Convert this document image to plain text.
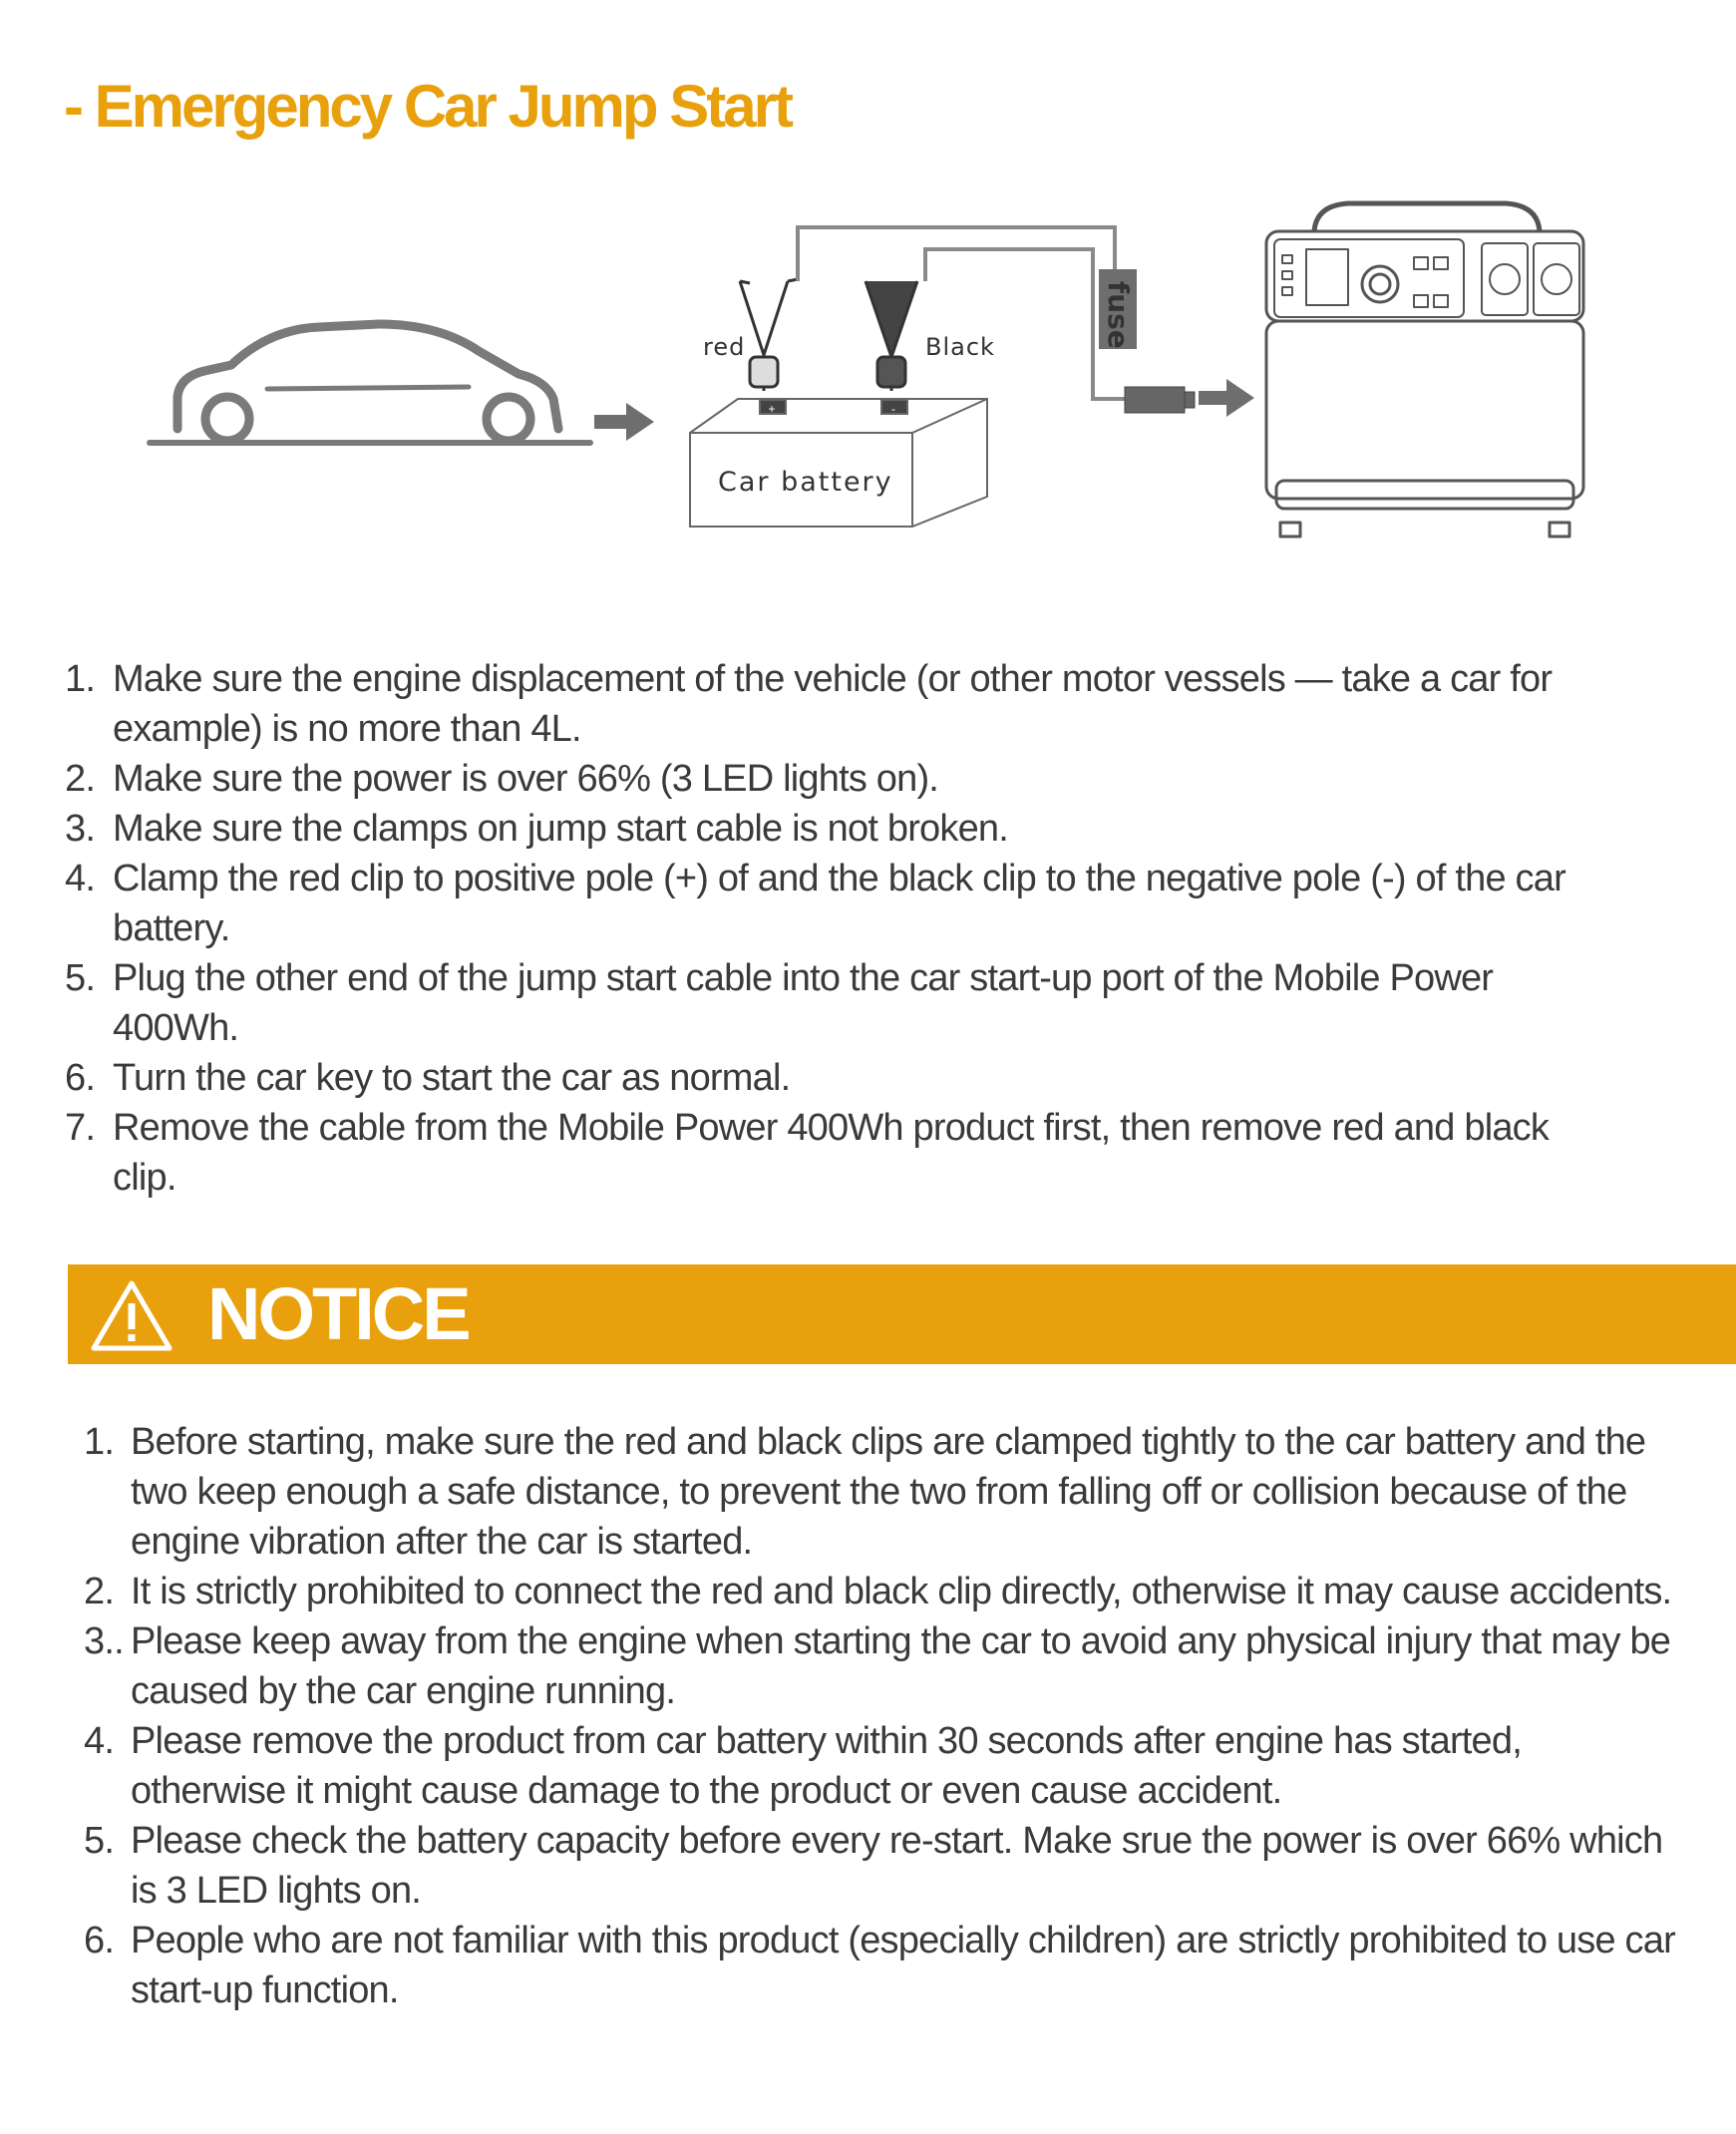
- Emergency Car Jump Start
+	-
Car battery
red	Black	fuse
1. Make sure the engine displacement of the vehicle (or other motor vessels — take a car for example) is no more than 4L.
2. Make sure the power is over 66% (3 LED lights on).
3. Make sure the clamps on jump start cable is not broken.
4. Clamp the red clip to positive pole (+) of and the black clip to the negative pole (-) of the car battery.
5. Plug the other end of the jump start cable into the car start-up port of the Mobile Power 400Wh.
6. Turn the car key to start the car as normal.
7. Remove the cable from the Mobile Power 400Wh product first, then remove red and black clip.
NOTICE
1. Before starting, make sure the red and black clips are clamped tightly to the car battery and the two keep enough a safe distance, to prevent the two from falling off or collision because of the engine vibration after the car is started.
2. It is strictly prohibited to connect the red and black clip directly, otherwise it may cause accidents.
3.. Please keep away from the engine when starting the car to avoid any physical injury that may be caused by the car engine running.
4. Please remove the product from car battery within 30 seconds after engine has started, otherwise it might cause damage to the product or even cause accident.
5. Please check the battery capacity before every re-start. Make srue the power is over 66% which is 3 LED lights on.
6. People who are not familiar with this product (especially children) are strictly prohibited to use car start-up function.
